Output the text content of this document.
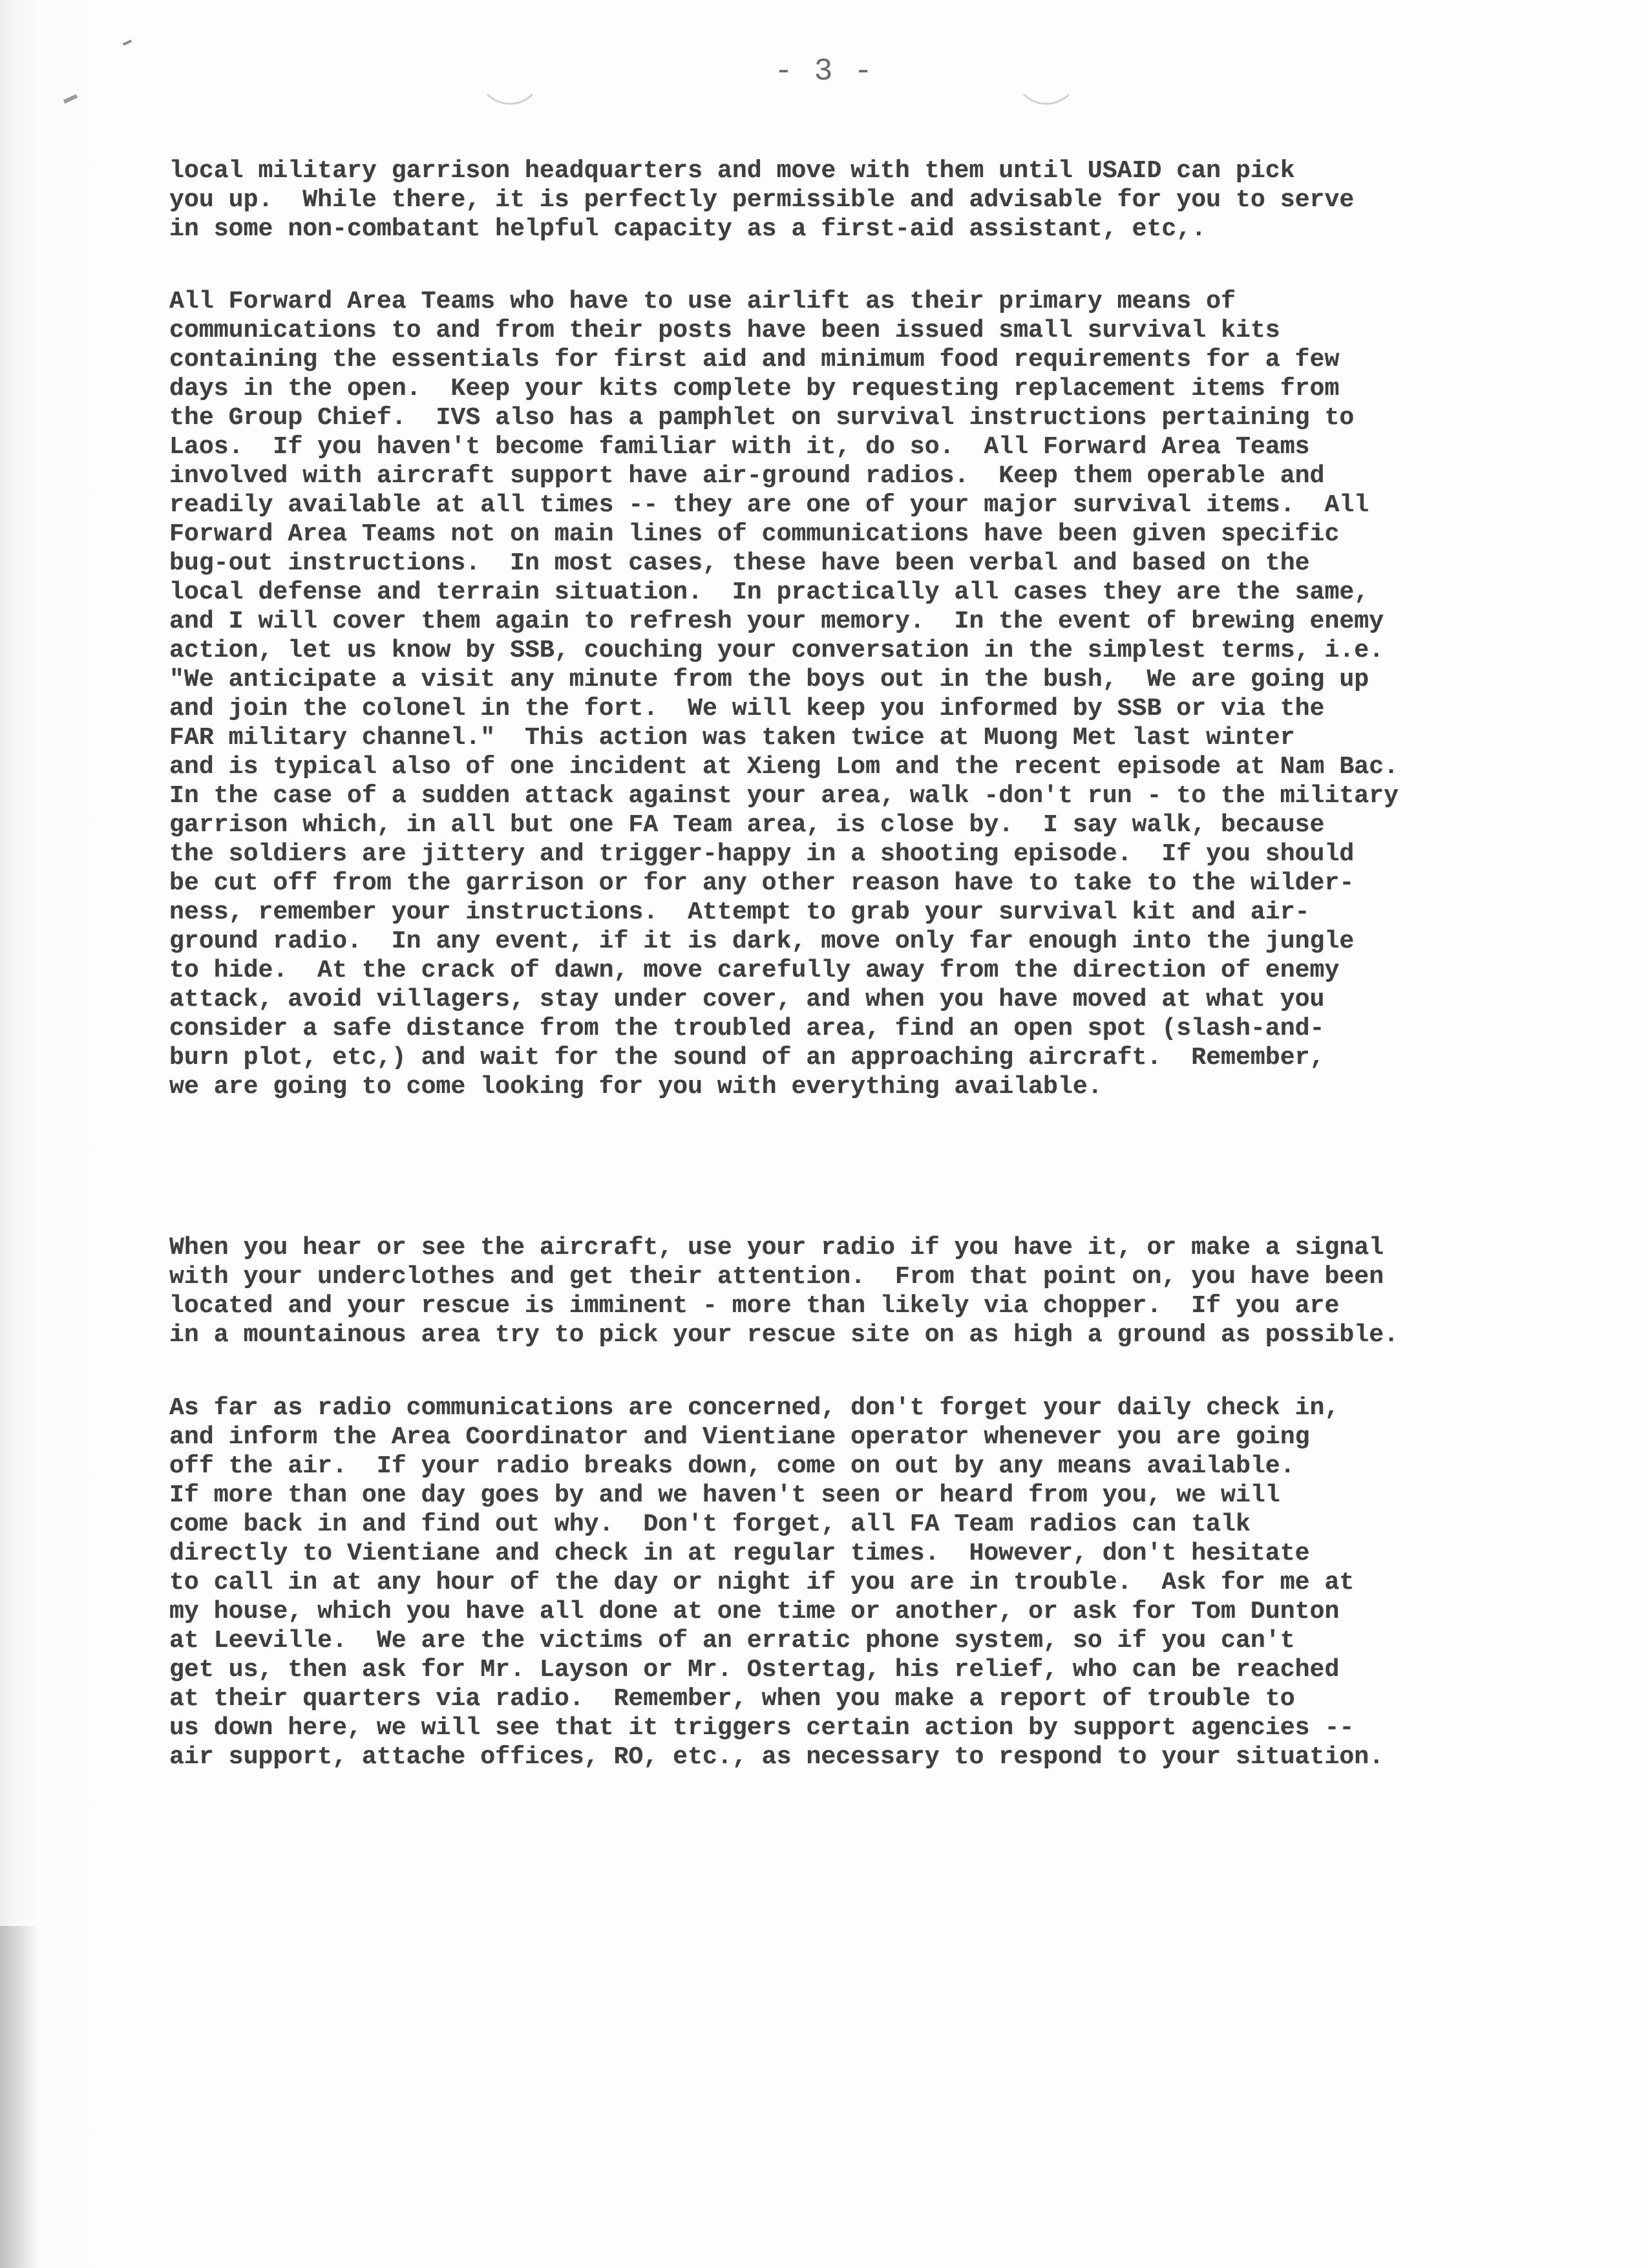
- 3 -
local military garrison headquarters and move with them until USAID can pick
you up.  While there, it is perfectly permissible and advisable for you to serve
in some non-combatant helpful capacity as a first-aid assistant, etc,.
All Forward Area Teams who have to use airlift as their primary means of
communications to and from their posts have been issued small survival kits
containing the essentials for first aid and minimum food requirements for a few
days in the open.  Keep your kits complete by requesting replacement items from
the Group Chief.  IVS also has a pamphlet on survival instructions pertaining to
Laos.  If you haven't become familiar with it, do so.  All Forward Area Teams
involved with aircraft support have air-ground radios.  Keep them operable and
readily available at all times -- they are one of your major survival items.  All
Forward Area Teams not on main lines of communications have been given specific
bug-out instructions.  In most cases, these have been verbal and based on the
local defense and terrain situation.  In practically all cases they are the same,
and I will cover them again to refresh your memory.  In the event of brewing enemy
action, let us know by SSB, couching your conversation in the simplest terms, i.e.
"We anticipate a visit any minute from the boys out in the bush,  We are going up
and join the colonel in the fort.  We will keep you informed by SSB or via the
FAR military channel."  This action was taken twice at Muong Met last winter
and is typical also of one incident at Xieng Lom and the recent episode at Nam Bac.
In the case of a sudden attack against your area, walk -don't run - to the military
garrison which, in all but one FA Team area, is close by.  I say walk, because
the soldiers are jittery and trigger-happy in a shooting episode.  If you should
be cut off from the garrison or for any other reason have to take to the wilder-
ness, remember your instructions.  Attempt to grab your survival kit and air-
ground radio.  In any event, if it is dark, move only far enough into the jungle
to hide.  At the crack of dawn, move carefully away from the direction of enemy
attack, avoid villagers, stay under cover, and when you have moved at what you
consider a safe distance from the troubled area, find an open spot (slash-and-
burn plot, etc,) and wait for the sound of an approaching aircraft.  Remember,
we are going to come looking for you with everything available.
When you hear or see the aircraft, use your radio if you have it, or make a signal
with your underclothes and get their attention.  From that point on, you have been
located and your rescue is imminent - more than likely via chopper.  If you are
in a mountainous area try to pick your rescue site on as high a ground as possible.
As far as radio communications are concerned, don't forget your daily check in,
and inform the Area Coordinator and Vientiane operator whenever you are going
off the air.  If your radio breaks down, come on out by any means available.
If more than one day goes by and we haven't seen or heard from you, we will
come back in and find out why.  Don't forget, all FA Team radios can talk
directly to Vientiane and check in at regular times.  However, don't hesitate
to call in at any hour of the day or night if you are in trouble.  Ask for me at
my house, which you have all done at one time or another, or ask for Tom Dunton
at Leeville.  We are the victims of an erratic phone system, so if you can't
get us, then ask for Mr. Layson or Mr. Ostertag, his relief, who can be reached
at their quarters via radio.  Remember, when you make a report of trouble to
us down here, we will see that it triggers certain action by support agencies --
air support, attache offices, RO, etc., as necessary to respond to your situation.
